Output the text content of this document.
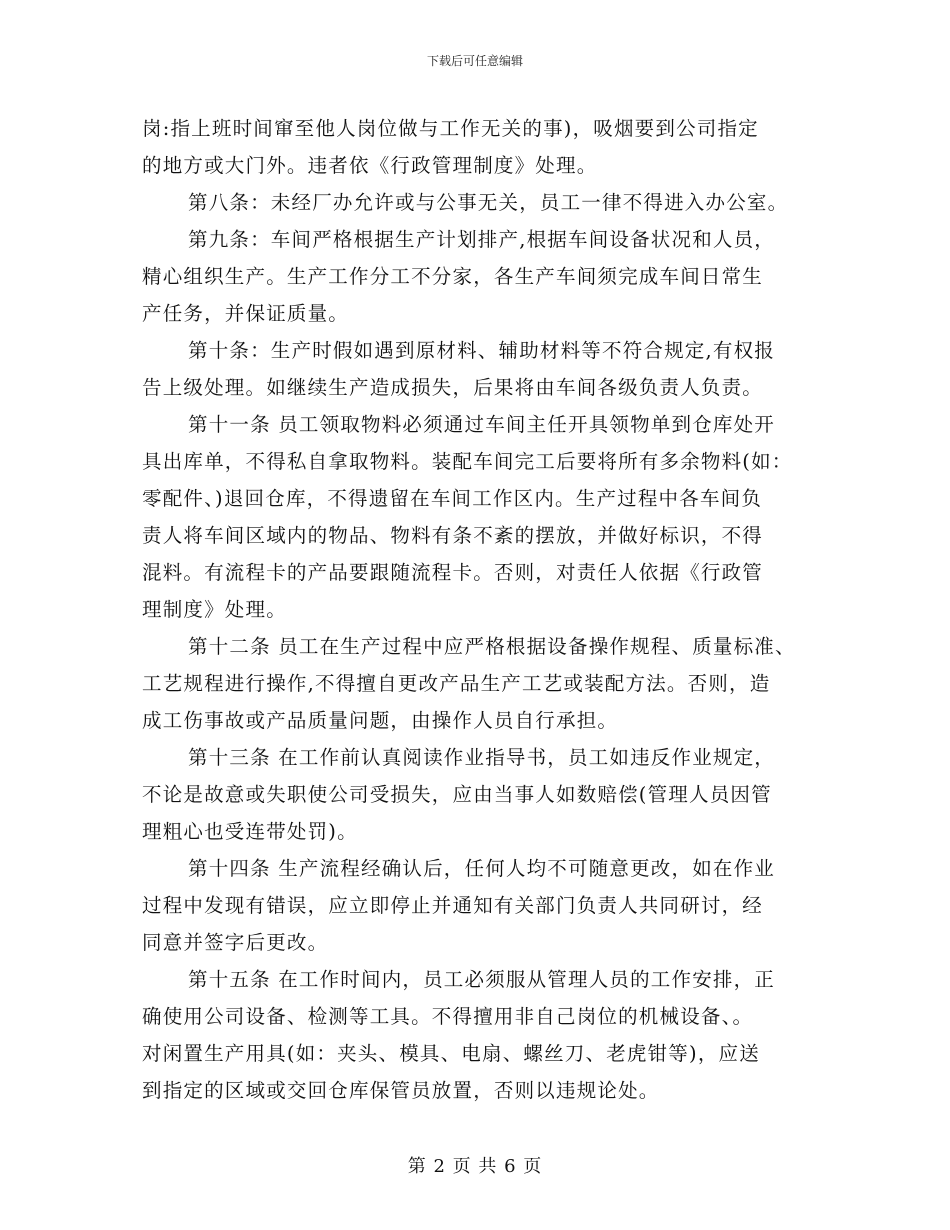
下载后可任意编辑
岗:指上班时间窜至他人岗位做与工作无关的事)，吸烟要到公司指定
的地方或大门外。违者依《行政管理制度》处理。
第八条：未经厂办允许或与公事无关，员工一律不得进入办公室。
第九条：车间严格根据生产计划排产,根据车间设备状况和人员，
精心组织生产。生产工作分工不分家，各生产车间须完成车间日常生
产任务，并保证质量。
第十条：生产时假如遇到原材料、辅助材料等不符合规定,有权报
告上级处理。如继续生产造成损失，后果将由车间各级负责人负责。
第十一条 员工领取物料必须通过车间主任开具领物单到仓库处开
具出库单，不得私自拿取物料。装配车间完工后要将所有多余物料(如：
零配件、)退回仓库，不得遗留在车间工作区内。生产过程中各车间负
责人将车间区域内的物品、物料有条不紊的摆放，并做好标识，不得
混料。有流程卡的产品要跟随流程卡。否则，对责任人依据《行政管
理制度》处理。
第十二条 员工在生产过程中应严格根据设备操作规程、质量标准、
工艺规程进行操作,不得擅自更改产品生产工艺或装配方法。否则，造
成工伤事故或产品质量问题，由操作人员自行承担。
第十三条 在工作前认真阅读作业指导书，员工如违反作业规定，
不论是故意或失职使公司受损失，应由当事人如数赔偿(管理人员因管
理粗心也受连带处罚)。
第十四条 生产流程经确认后，任何人均不可随意更改，如在作业
过程中发现有错误，应立即停止并通知有关部门负责人共同研讨，经
同意并签字后更改。
第十五条 在工作时间内，员工必须服从管理人员的工作安排，正
确使用公司设备、检测等工具。不得擅用非自己岗位的机械设备、。
对闲置生产用具(如：夹头、模具、电扇、螺丝刀、老虎钳等)，应送
到指定的区域或交回仓库保管员放置，否则以违规论处。
第 2 页 共 6 页
